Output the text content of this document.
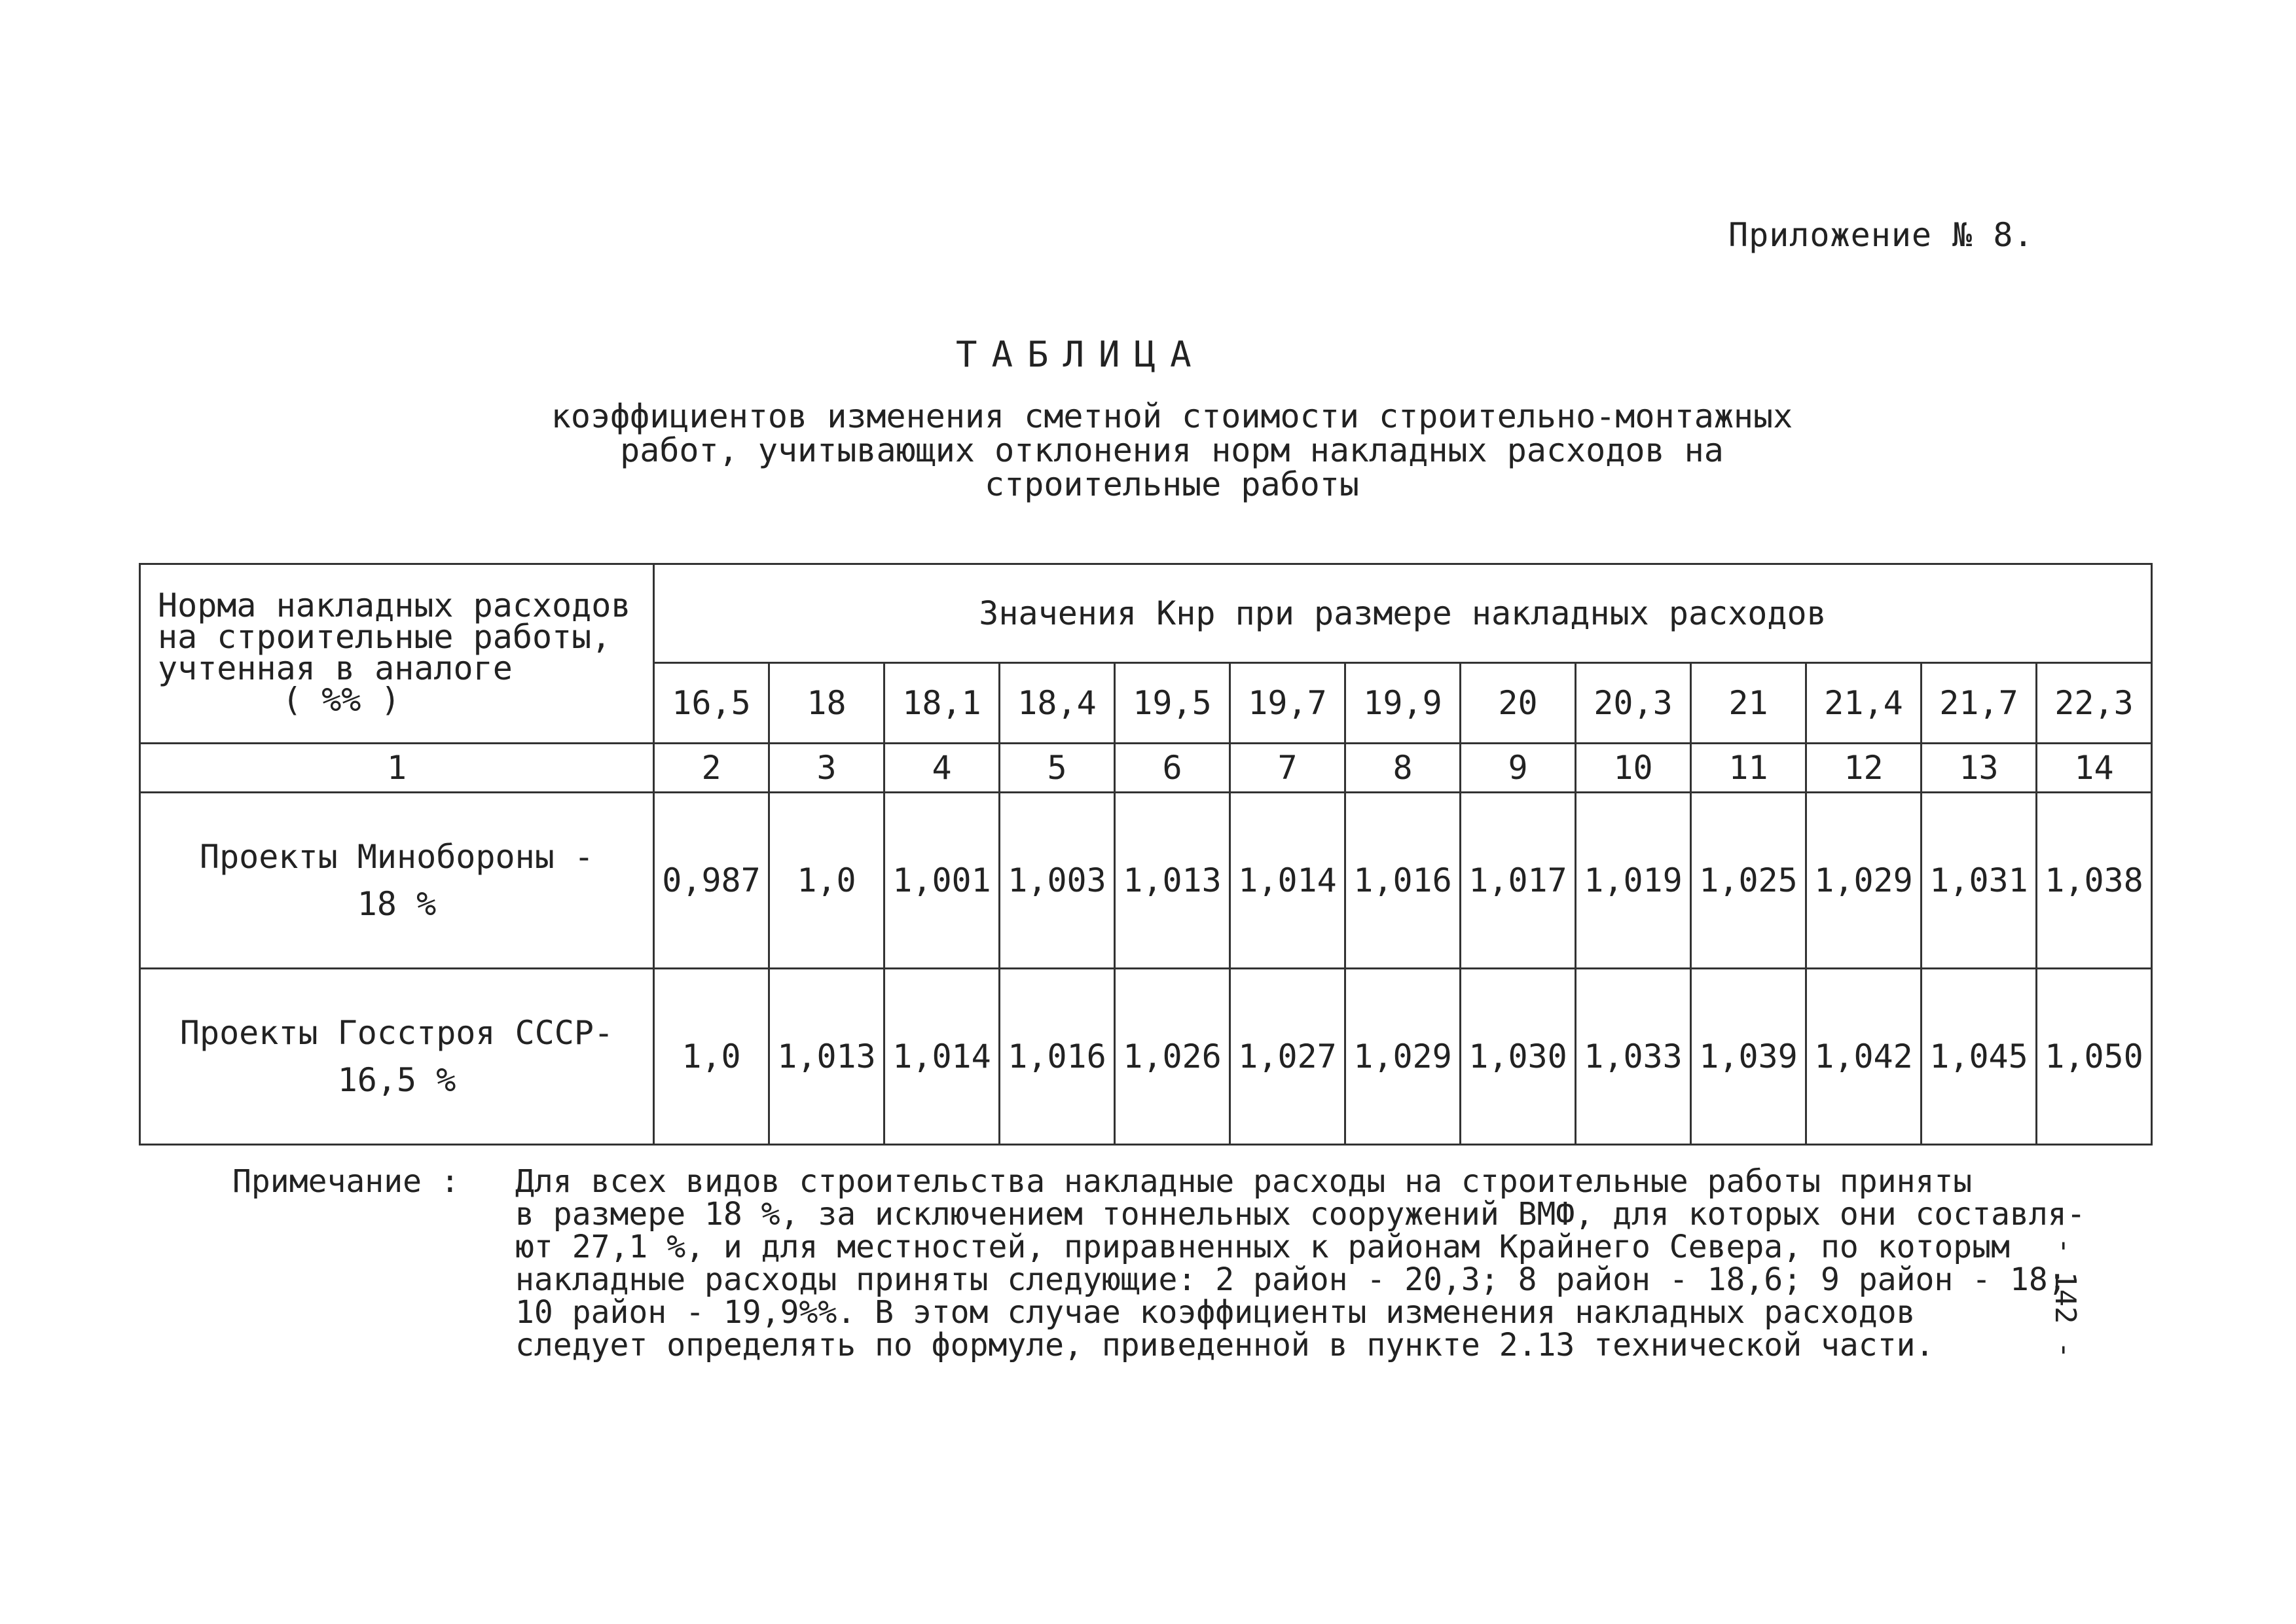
Приложение № 8.
ТАБЛИЦА
коэффициентов изменения сметной стоимости строительно-монтажных
работ, учитывающих отклонения норм накладных расходов на
строительные работы
Норма накладных расходов
на строительные работы,
учтенная в аналоге

( %% )	Значения Кнр при размере накладных расходов												
	16,5	18	18,1	18,4	19,5	19,7	19,9	20	20,3	21	21,4	21,7	22,3
1	2	3	4	5	6	7	8	9	10	11	12	13	14

Проекты Минобороны -
18 %	0,987	1,0	1,001	1,003	1,013	1,014	1,016	1,017	1,019	1,025	1,029	1,031	1,038

Проекты Госстроя СССР-
16,5 %	1,0	1,013	1,014	1,016	1,026	1,027	1,029	1,030	1,033	1,039	1,042	1,045	1,050
Примечание :	Для всех видов строительства накладные расходы на строительные работы приняты
в размере 18 %, за исключением тоннельных сооружений ВМФ, для которых они составля-
ют 27,1 %, и для местностей, приравненных к районам Крайнего Севера, по которым
накладные расходы приняты следующие: 2 район - 20,3; 8 район - 18,6; 9 район - 18;
10 район - 19,9%%. В этом случае коэффициенты изменения накладных расходов
следует определять по формуле, приведенной в пункте 2.13 технической части.	- 142 -
